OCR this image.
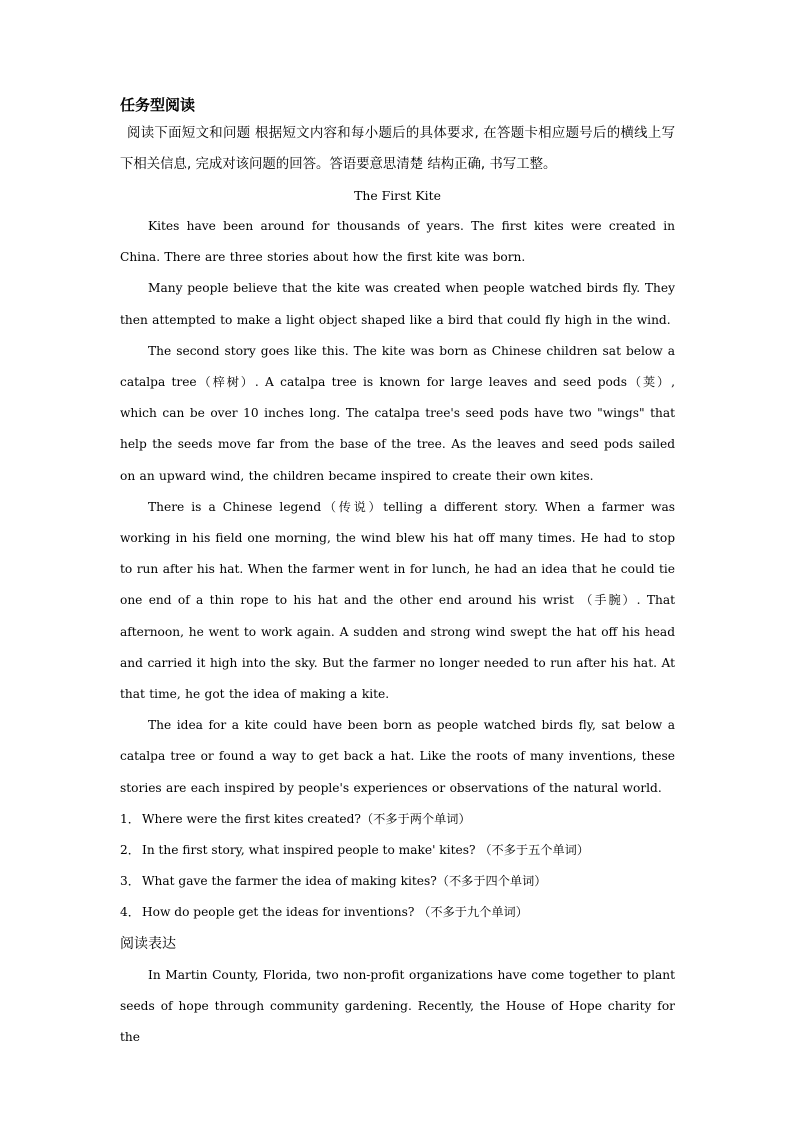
任务型阅读

阅读下面短文和问题 根据短文内容和每小题后的具体要求, 在答题卡相应题号后的横线上写下相关信息, 完成对该问题的回答。答语要意思清楚 结构正确, 书写工整。

The First Kite

Kites have been around for thousands of years. The first kites were created in China. There are three stories about how the first kite was born.

Many people believe that the kite was created when people watched birds fly. They then attempted to make a light object shaped like a bird that could fly high in the wind.

The second story goes like this. The kite was born as Chinese children sat below a catalpa tree（梓树）. A catalpa tree is known for large leaves and seed pods（荚）, which can be over 10 inches long. The catalpa tree's seed pods have two "wings" that help the seeds move far from the base of the tree. As the leaves and seed pods sailed on an upward wind, the children became inspired to create their own kites.

There is a Chinese legend（传说）telling a different story. When a farmer was working in his field one morning, the wind blew his hat off many times. He had to stop to run after his hat. When the farmer went in for lunch, he had an idea that he could tie one end of a thin rope to his hat and the other end around his wrist （手腕）. That afternoon, he went to work again. A sudden and strong wind swept the hat off his head and carried it high into the sky. But the farmer no longer needed to run after his hat. At that time, he got the idea of making a kite.

The idea for a kite could have been born as people watched birds fly, sat below a catalpa tree or found a way to get back a hat. Like the roots of many inventions, these stories are each inspired by people's experiences or observations of the natural world.

1． Where were the first kites created?（不多于两个单词）
2． In the first story, what inspired people to make' kites? （不多于五个单词）
3． What gave the farmer the idea of making kites?（不多于四个单词）
4． How do people get the ideas for inventions? （不多于九个单词）
阅读表达

In Martin County, Florida, two non-profit organizations have come together to plant seeds of hope through community gardening. Recently, the House of Hope charity for the
